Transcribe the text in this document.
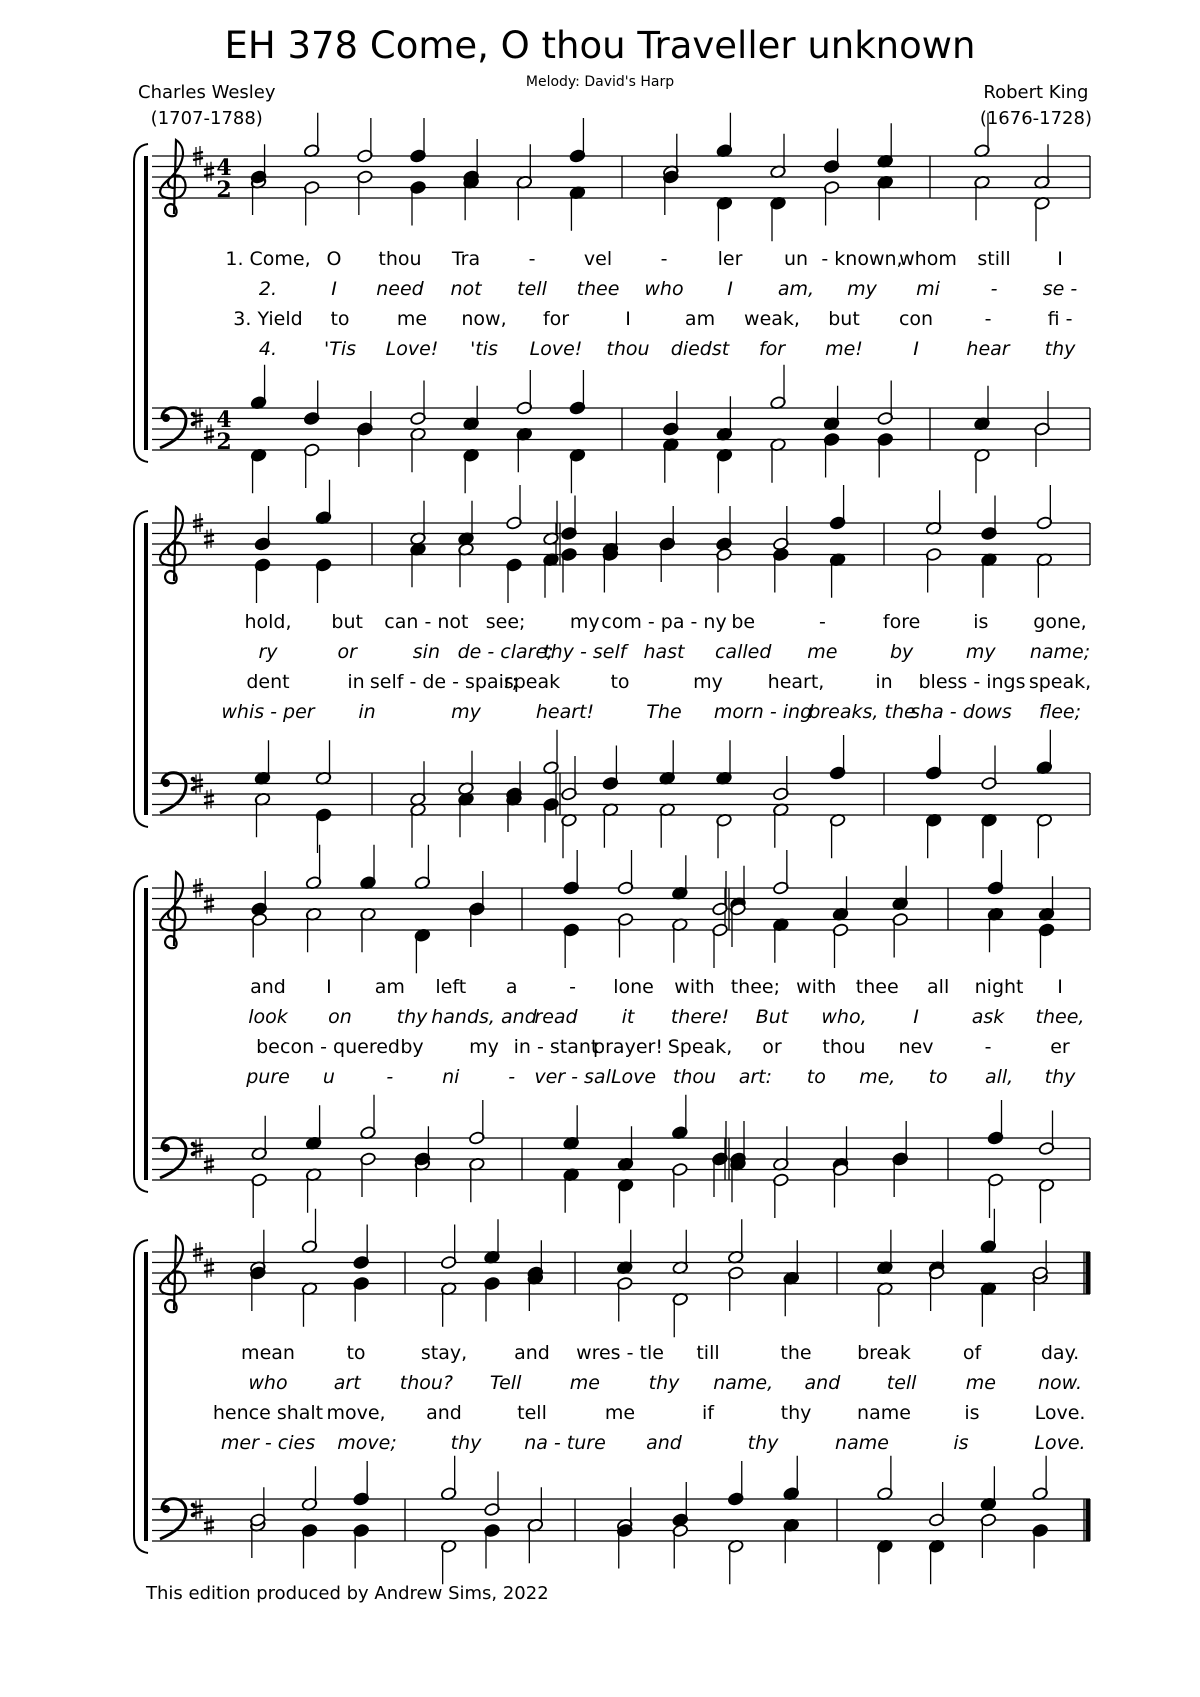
EH 378 Come, O thou Traveller unknown
Melody: David's Harp
Charles Wesley
(1707-1788)
Robert King
(1676-1728)
4
2
4
2
1. Come, O thou Tra	-	vel	-	ler un - known,
whom still I
2.	I need not tell thee who I am, my mi	- se -
3. Yield to me now, for	I	am weak, but con	-	fi -
4. 'Tis Love! 'tis Love! thou diedst for me!	I	hear thy
hold, but can - not see; my com - pa - ny be	-	fore	is gone,
ry	or	sin de - clare;
thy - self hast called me	by	my name;
dent	in self - de - spair;
speak	to	my heart,	in bless - ings speak,
whis - per in	my	heart!	The morn - ing
breaks, the
sha - dows flee;
and I am left a	- lone with thee; with thee all night I
look on thy hands, and
read it there! But who, I	ask thee,
be con - quered by my in - stant
prayer! Speak, or thou nev	-	er
pure u	-	ni	- ver - sal Love thou art: to me, to all, thy
mean	to	stay, and wres - tle till	the break	of	day.
who art thou? Tell	me	thy name, and tell	me now.
hence shalt move, and	tell	me	if	thy name	is	Love.
mer - cies move;	thy na - ture and	thy	name	is	Love.
This edition produced by Andrew Sims, 2022
